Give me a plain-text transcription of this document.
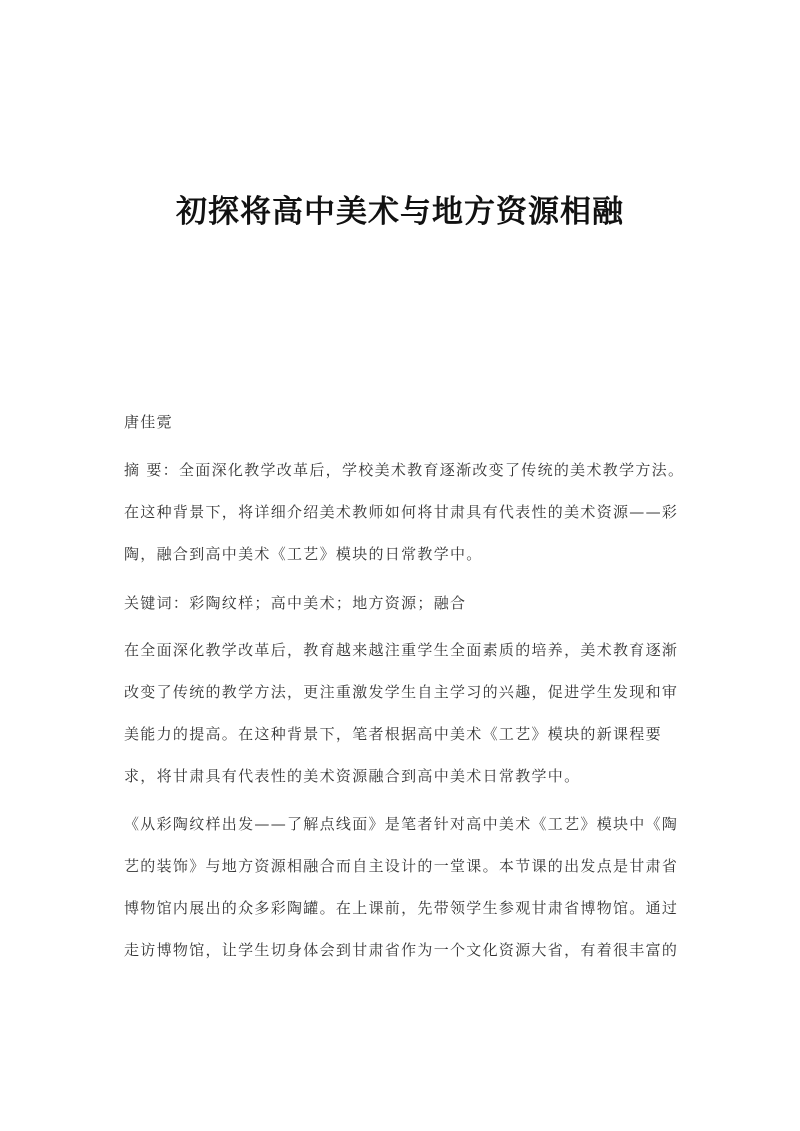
初探将高中美术与地方资源相融

唐佳霓

摘 要：全面深化教学改革后，学校美术教育逐渐改变了传统的美术教学方法。

在这种背景下，将详细介绍美术教师如何将甘肃具有代表性的美术资源——彩

陶，融合到高中美术《工艺》模块的日常教学中。

关键词：彩陶纹样；高中美术；地方资源；融合

在全面深化教学改革后，教育越来越注重学生全面素质的培养，美术教育逐渐

改变了传统的教学方法，更注重激发学生自主学习的兴趣，促进学生发现和审

美能力的提高。在这种背景下，笔者根据高中美术《工艺》模块的新课程要

求，将甘肃具有代表性的美术资源融合到高中美术日常教学中。

《从彩陶纹样出发——了解点线面》是笔者针对高中美术《工艺》模块中《陶

艺的装饰》与地方资源相融合而自主设计的一堂课。本节课的出发点是甘肃省

博物馆内展出的众多彩陶罐。在上课前，先带领学生参观甘肃省博物馆。通过

走访博物馆，让学生切身体会到甘肃省作为一个文化资源大省，有着很丰富的
